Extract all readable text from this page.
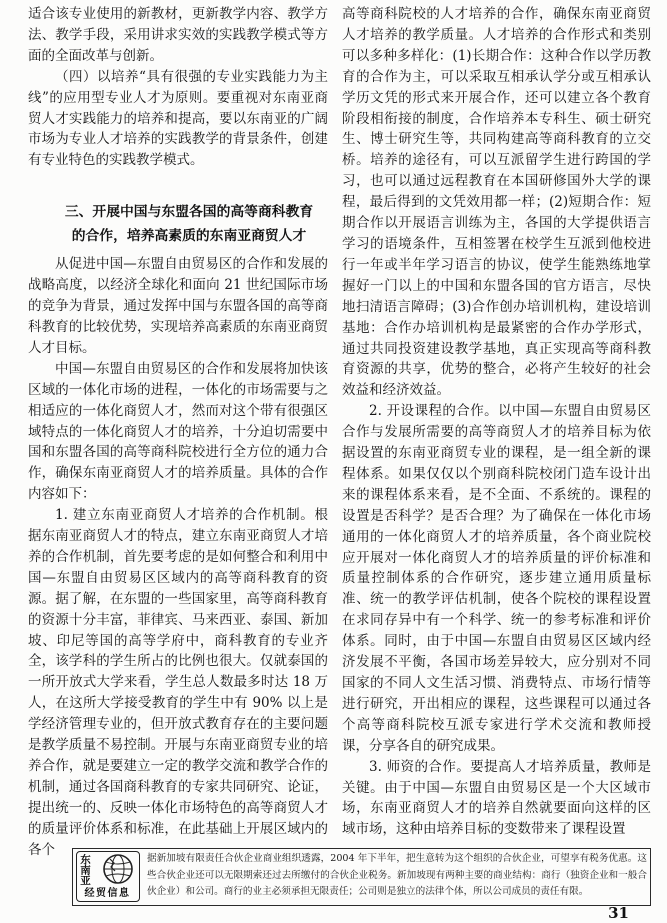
适合该专业使用的新教材，更新教学内容、教学方法、教学手段，采用讲求实效的实践教学模式等方面的全面改革与创新。

（四）以培养“具有很强的专业实践能力为主线”的应用型专业人才为原则。要重视对东南亚商贸人才实践能力的培养和提高，要以东南亚的广阔市场为专业人才培养的实践教学的背景条件，创建有专业特色的实践教学模式。

三、开展中国与东盟各国的高等商科教育
的合作，培养高素质的东南亚商贸人才

从促进中国—东盟自由贸易区的合作和发展的战略高度，以经济全球化和面向 21 世纪国际市场的竞争为背景，通过发挥中国与东盟各国的高等商科教育的比较优势，实现培养高素质的东南亚商贸人才目标。

中国—东盟自由贸易区的合作和发展将加快该区域的一体化市场的进程，一体化的市场需要与之相适应的一体化商贸人才，然而对这个带有很强区域特点的一体化商贸人才的培养，十分迫切需要中国和东盟各国的高等商科院校进行全方位的通力合作，确保东南亚商贸人才的培养质量。具体的合作内容如下：

1. 建立东南亚商贸人才培养的合作机制。根据东南亚商贸人才的特点，建立东南亚商贸人才培养的合作机制，首先要考虑的是如何整合和利用中国—东盟自由贸易区区域内的高等商科教育的资源。据了解，在东盟的一些国家里，高等商科教育的资源十分丰富，菲律宾、马来西亚、泰国、新加坡、印尼等国的高等学府中，商科教育的专业齐全，该学科的学生所占的比例也很大。仅就泰国的一所开放式大学来看，学生总人数最多时达 18 万人，在这所大学接受教育的学生中有 90% 以上是学经济管理专业的，但开放式教育存在的主要问题是教学质量不易控制。开展与东南亚商贸专业的培养合作，就是要建立一定的教学交流和教学合作的机制，通过各国商科教育的专家共同研究、论证，提出统一的、反映一体化市场特色的高等商贸人才的质量评价体系和标准，在此基础上开展区域内的各个

高等商科院校的人才培养的合作，确保东南亚商贸人才培养的教学质量。人才培养的合作形式和类别可以多种多样化：(1)长期合作：这种合作以学历教育的合作为主，可以采取互相承认学分或互相承认学历文凭的形式来开展合作，还可以建立各个教育阶段相衔接的制度，合作培养本专科生、硕士研究生、博士研究生等，共同构建高等商科教育的立交桥。培养的途径有，可以互派留学生进行跨国的学习，也可以通过远程教育在本国研修国外大学的课程，最后得到的文凭效用都一样；(2)短期合作：短期合作以开展语言训练为主，各国的大学提供语言学习的语境条件，互相签署在校学生互派到他校进行一年或半年学习语言的协议，使学生能熟练地掌握好一门以上的中国和东盟各国的官方语言，尽快地扫清语言障碍；(3)合作创办培训机构，建设培训基地：合作办培训机构是最紧密的合作办学形式，通过共同投资建设教学基地，真正实现高等商科教育资源的共享，优势的整合，必将产生较好的社会效益和经济效益。

2. 开设课程的合作。以中国—东盟自由贸易区合作与发展所需要的高等商贸人才的培养目标为依据设置的东南亚商贸专业的课程，是一组全新的课程体系。如果仅仅以个别商科院校闭门造车设计出来的课程体系来看，是不全面、不系统的。课程的设置是否科学？是否合理？为了确保在一体化市场通用的一体化商贸人才的培养质量，各个商业院校应开展对一体化商贸人才的培养质量的评价标准和质量控制体系的合作研究，逐步建立通用质量标准、统一的教学评估机制，使各个院校的课程设置在求同存异中有一个科学、统一的参考标准和评价体系。同时，由于中国—东盟自由贸易区区域内经济发展不平衡，各国市场差异较大，应分别对不同国家的不同人文生活习惯、消费特点、市场行情等进行研究，开出相应的课程，这些课程可以通过各个高等商科院校互派专家进行学术交流和教师授课，分享各自的研究成果。

3. 师资的合作。要提高人才培养质量，教师是关键。由于中国—东盟自由贸易区是一个大区域市场，东南亚商贸人才的培养自然就要面向这样的区域市场，这种由培养目标的变数带来了课程设置

东南亚
经贸信息

据新加坡有限责任合伙企业商业组织透露，2004 年下半年，把生意转为这个组织的合伙企业，可望享有税务优惠。这些合伙企业还可以无限期索还过去所缴付的合伙企业税务。新加坡现有两种主要的商业结构：商行（独资企业和一般合伙企业）和公司。商行的业主必须承担无限责任；公司则是独立的法律个体，所以公司成员的责任有限。

31
